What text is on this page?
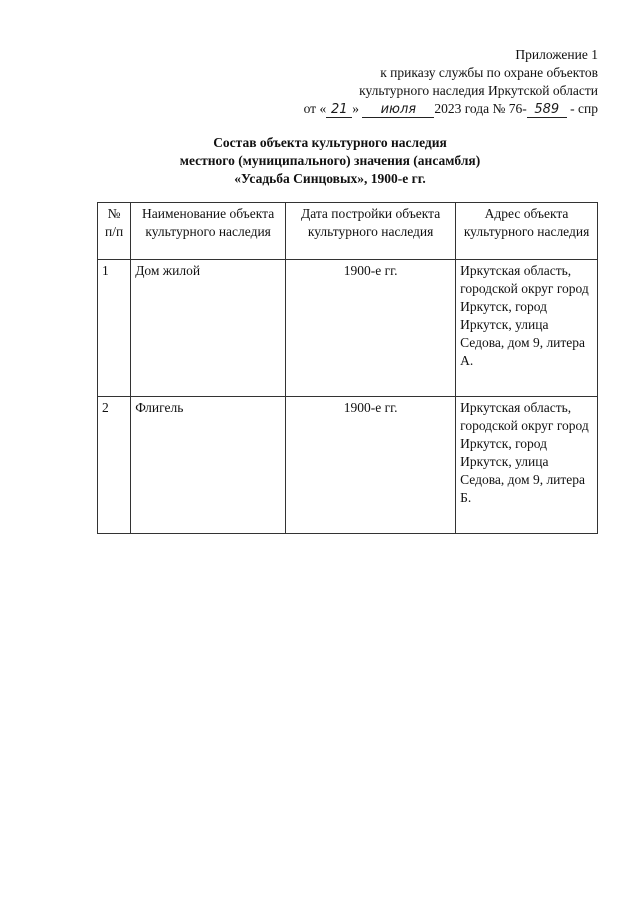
Приложение 1
к приказу службы по охране объектов
культурного наследия Иркутской области
от « 21 » июля 2023 года № 76- 589 - спр
Состав объекта культурного наследия
местного (муниципального) значения (ансамбля)
«Усадьба Синцовых», 1900-е гг.
№ п/п	Наименование объекта культурного наследия	Дата постройки объекта культурного наследия	Адрес объекта культурного наследия
1	Дом жилой	1900-е гг.	Иркутская область, городской округ город Иркутск, город Иркутск, улица Седова, дом 9, литера А.
2	Флигель	1900-е гг.	Иркутская область, городской округ город Иркутск, город Иркутск, улица Седова, дом 9, литера Б.
